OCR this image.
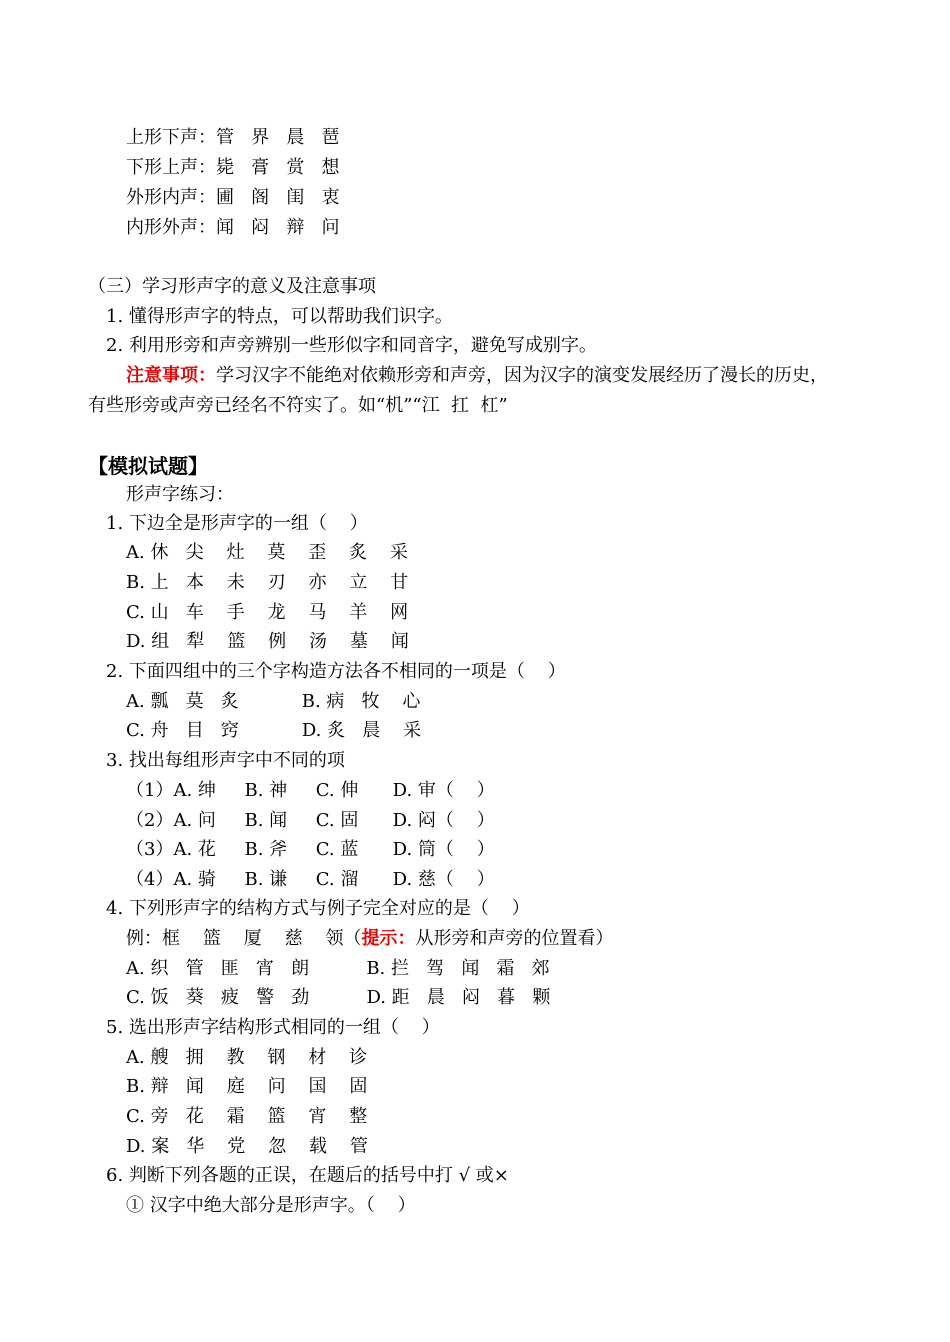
上形下声：管   界   晨   琶
下形上声：毙   膏   赏   想
外形内声：圃   阁   闺   衷
内形外声：闻   闷   辩   问
（三）学习形声字的意义及注意事项
1. 懂得形声字的特点，可以帮助我们识字。
2. 利用形旁和声旁辨别一些形似字和同音字，避免写成别字。
注意事项：学习汉字不能绝对依赖形旁和声旁，因为汉字的演变发展经历了漫长的历史，
有些形旁或声旁已经名不符实了。如“机”“江  扛  杠”
【模拟试题】
形声字练习：
1. 下边全是形声字的一组（    ）
A. 休   尖    灶    莫    歪    炙    采
B. 上   本    未    刃    亦    立    甘
C. 山   车    手    龙    马    羊    网
D. 组   犁    篮    例    汤    墓    闻
2. 下面四组中的三个字构造方法各不相同的一项是（    ）
A. 瓢   莫   炙           B. 病   牧    心
C. 舟   目   窍           D. 炙   晨    采
3. 找出每组形声字中不同的项
（1）A. 绅     B. 神     C. 伸      D. 审（    ）
（2）A. 问     B. 闻     C. 固      D. 闷（    ）
（3）A. 花     B. 斧     C. 蓝      D. 筒（    ）
（4）A. 骑     B. 谦     C. 溜      D. 慈（    ）
4. 下列形声字的结构方式与例子完全对应的是（    ）
例：框    篮    厦    慈    领（提示：从形旁和声旁的位置看）
A. 织   管   匪   宵   朗          B. 拦   驾   闻   霜   郊
C. 饭   葵   疲   警   劲          D. 距   晨   闷   暮   颗
5. 选出形声字结构形式相同的一组（    ）
A. 艘   拥    教    钢    材    诊
B. 辩   闻    庭    问    国    固
C. 旁   花    霜    篮    宵    整
D. 案   华    党    忽    载    管
6. 判断下列各题的正误，在题后的括号中打 √ 或×
① 汉字中绝大部分是形声字。（    ）
